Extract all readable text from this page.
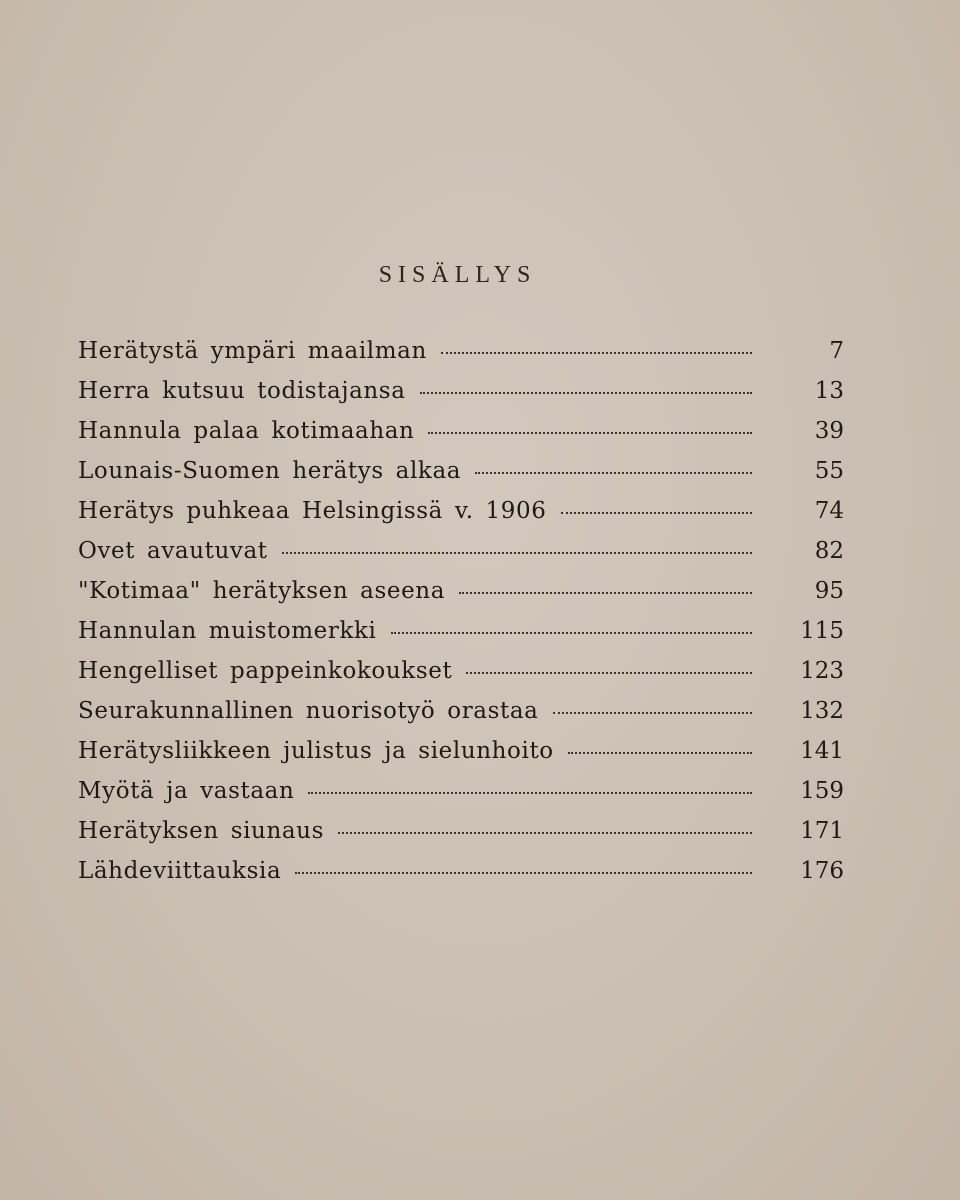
SISÄLLYS
Herätystä ympäri maailman	7
Herra kutsuu todistajansa	13
Hannula palaa kotimaahan	39
Lounais-Suomen herätys alkaa	55
Herätys puhkeaa Helsingissä v. 1906	74
Ovet avautuvat	82
"Kotimaa" herätyksen aseena	95
Hannulan muistomerkki	115
Hengelliset pappeinkokoukset	123
Seurakunnallinen nuorisotyö orastaa	132
Herätysliikkeen julistus ja sielunhoito	141
Myötä ja vastaan	159
Herätyksen siunaus	171
Lähdeviittauksia	176
